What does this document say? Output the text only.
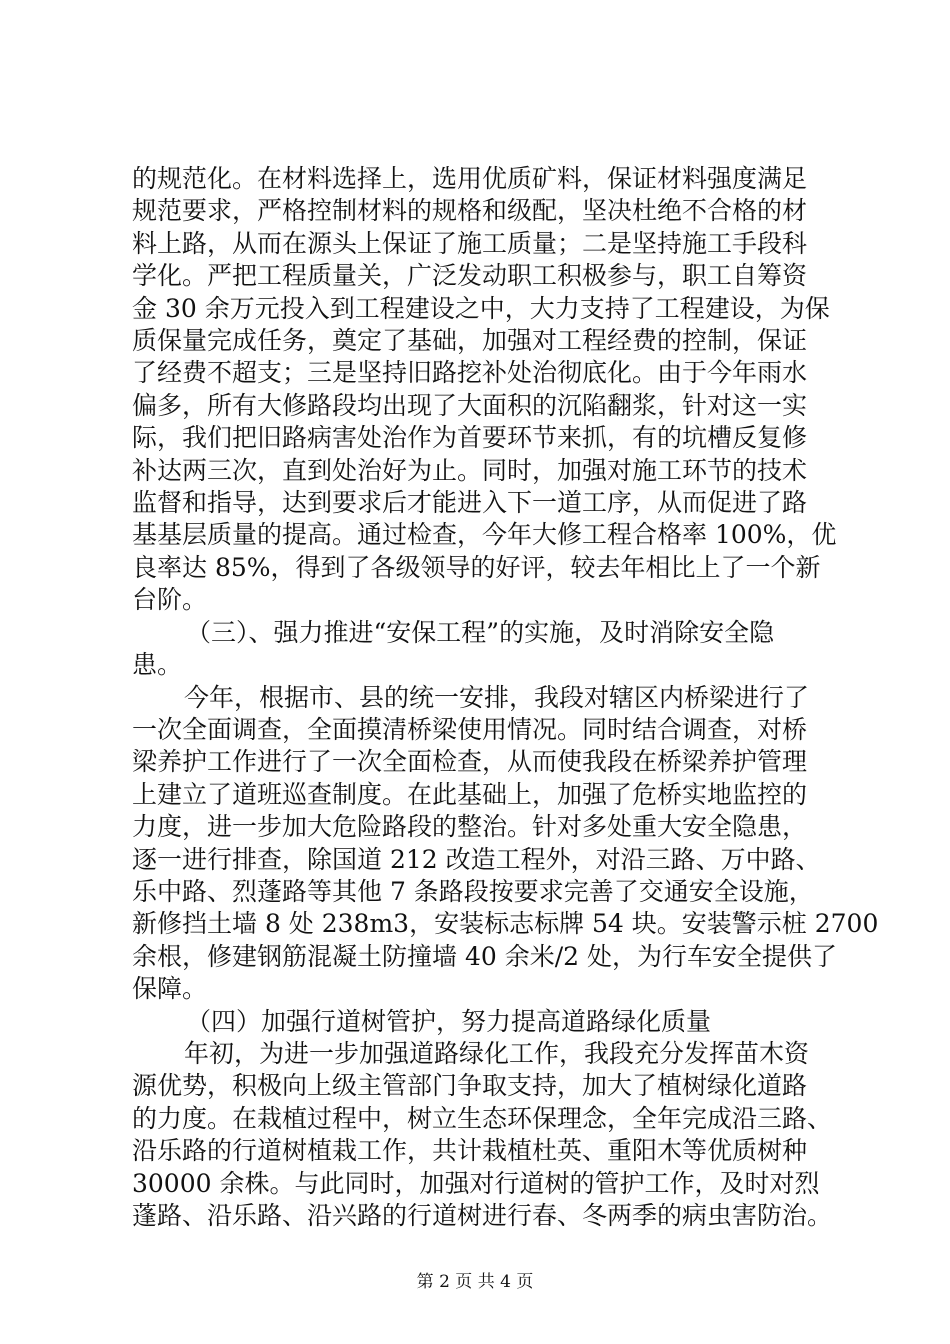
的规范化。在材料选择上，选用优质矿料，保证材料强度满足
规范要求，严格控制材料的规格和级配，坚决杜绝不合格的材
料上路，从而在源头上保证了施工质量；二是坚持施工手段科
学化。严把工程质量关，广泛发动职工积极参与，职工自筹资
金 30 余万元投入到工程建设之中，大力支持了工程建设，为保
质保量完成任务，奠定了基础，加强对工程经费的控制，保证
了经费不超支；三是坚持旧路挖补处治彻底化。由于今年雨水
偏多，所有大修路段均出现了大面积的沉陷翻浆，针对这一实
际，我们把旧路病害处治作为首要环节来抓，有的坑槽反复修
补达两三次，直到处治好为止。同时，加强对施工环节的技术
监督和指导，达到要求后才能进入下一道工序，从而促进了路
基基层质量的提高。通过检查，今年大修工程合格率 100%，优
良率达 85%，得到了各级领导的好评，较去年相比上了一个新
台阶。
（三）、强力推进“安保工程”的实施，及时消除安全隐
患。
今年，根据市、县的统一安排，我段对辖区内桥梁进行了
一次全面调查，全面摸清桥梁使用情况。同时结合调查，对桥
梁养护工作进行了一次全面检查，从而使我段在桥梁养护管理
上建立了道班巡查制度。在此基础上，加强了危桥实地监控的
力度，进一步加大危险路段的整治。针对多处重大安全隐患，
逐一进行排查，除国道 212 改造工程外，对沿三路、万中路、
乐中路、烈蓬路等其他 7 条路段按要求完善了交通安全设施，
新修挡土墙 8 处 238m3，安装标志标牌 54 块。安装警示桩 2700
余根，修建钢筋混凝土防撞墙 40 余米/2 处，为行车安全提供了
保障。
（四）加强行道树管护，努力提高道路绿化质量
年初，为进一步加强道路绿化工作，我段充分发挥苗木资
源优势，积极向上级主管部门争取支持，加大了植树绿化道路
的力度。在栽植过程中，树立生态环保理念，全年完成沿三路、
沿乐路的行道树植栽工作，共计栽植杜英、重阳木等优质树种
30000 余株。与此同时，加强对行道树的管护工作，及时对烈
蓬路、沿乐路、沿兴路的行道树进行春、冬两季的病虫害防治。
第 2 页 共 4 页
